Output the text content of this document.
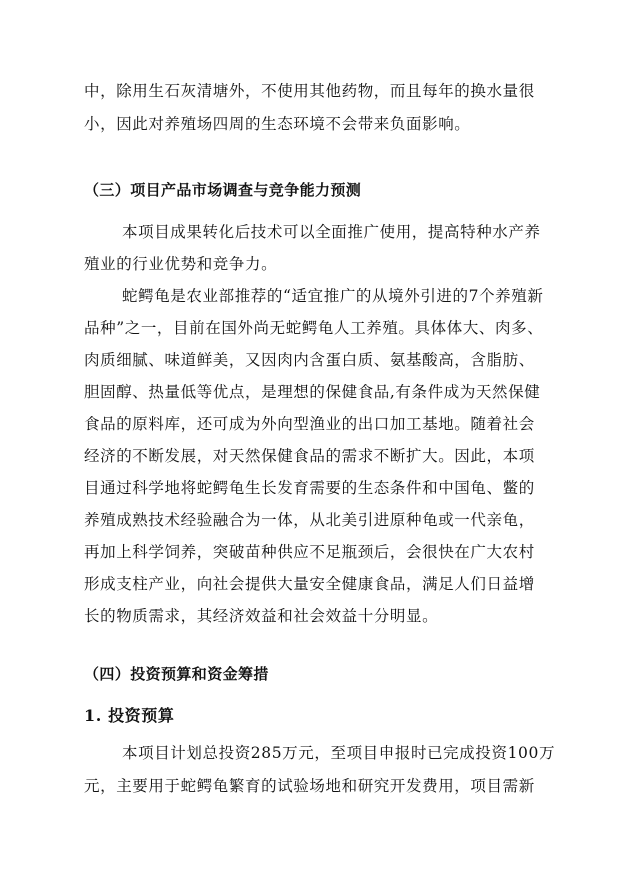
中，除用生石灰清塘外，不使用其他药物，而且每年的换水量很
小，因此对养殖场四周的生态环境不会带来负面影响。
（三）项目产品市场调查与竞争能力预测
本项目成果转化后技术可以全面推广使用，提高特种水产养
殖业的行业优势和竞争力。
蛇鳄龟是农业部推荐的“适宜推广的从境外引进的7个养殖新
品种”之一，目前在国外尚无蛇鳄龟人工养殖。具体体大、肉多、
肉质细腻、味道鲜美，又因肉内含蛋白质、氨基酸高，含脂肪、
胆固醇、热量低等优点，是理想的保健食品,有条件成为天然保健
食品的原料库，还可成为外向型渔业的出口加工基地。随着社会
经济的不断发展，对天然保健食品的需求不断扩大。因此，本项
目通过科学地将蛇鳄龟生长发育需要的生态条件和中国龟、鳖的
养殖成熟技术经验融合为一体，从北美引进原种龟或一代亲龟，
再加上科学饲养，突破苗种供应不足瓶颈后，会很快在广大农村
形成支柱产业，向社会提供大量安全健康食品，满足人们日益增
长的物质需求，其经济效益和社会效益十分明显。
（四）投资预算和资金筹措
1. 投资预算
本项目计划总投资285万元，至项目申报时已完成投资100万
元，主要用于蛇鳄龟繁育的试验场地和研究开发费用，项目需新
